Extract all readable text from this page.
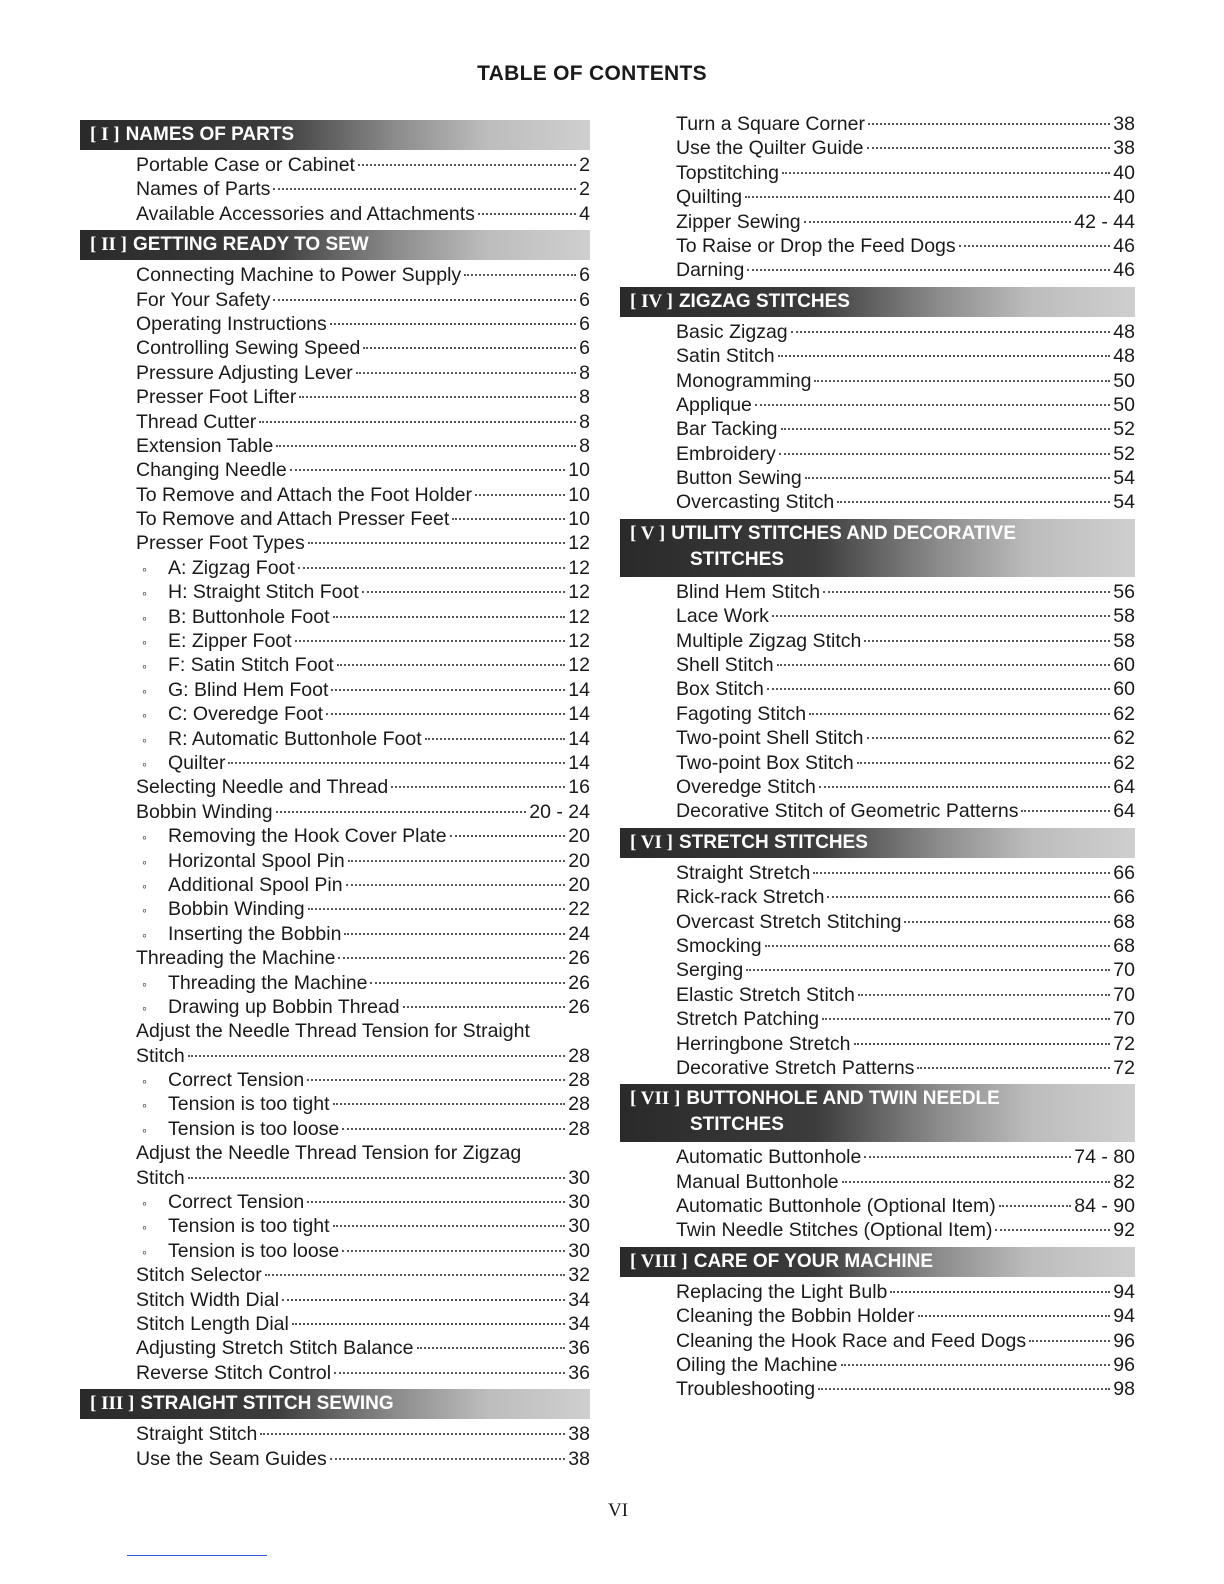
TABLE OF CONTENTS
[ I ] NAMES OF PARTS
Portable Case or Cabinet	2
Names of Parts	2
Available Accessories and Attachments	4
[ II ] GETTING READY TO SEW
Connecting Machine to Power Supply	6
For Your Safety	6
Operating Instructions	6
Controlling Sewing Speed	6
Pressure Adjusting Lever	8
Presser Foot Lifter	8
Thread Cutter	8
Extension Table	8
Changing Needle	10
To Remove and Attach the Foot Holder	10
To Remove and Attach Presser Feet	10
Presser Foot Types	12
◦	A: Zigzag Foot	12
◦	H: Straight Stitch Foot	12
◦	B: Buttonhole Foot	12
◦	E: Zipper Foot	12
◦	F: Satin Stitch Foot	12
◦	G: Blind Hem Foot	14
◦	C: Overedge Foot	14
◦	R: Automatic Buttonhole Foot	14
◦	Quilter	14
Selecting Needle and Thread	16
Bobbin Winding	20 - 24
◦	Removing the Hook Cover Plate	20
◦	Horizontal Spool Pin	20
◦	Additional Spool Pin	20
◦	Bobbin Winding	22
◦	Inserting the Bobbin	24
Threading the Machine	26
◦	Threading the Machine	26
◦	Drawing up Bobbin Thread	26
Adjust the Needle Thread Tension for Straight
Stitch	28
◦	Correct Tension	28
◦	Tension is too tight	28
◦	Tension is too loose	28
Adjust the Needle Thread Tension for Zigzag
Stitch	30
◦	Correct Tension	30
◦	Tension is too tight	30
◦	Tension is too loose	30
Stitch Selector	32
Stitch Width Dial	34
Stitch Length Dial	34
Adjusting Stretch Stitch Balance	36
Reverse Stitch Control	36
[ III ] STRAIGHT STITCH SEWING
Straight Stitch	38
Use the Seam Guides	38
Turn a Square Corner	38
Use the Quilter Guide	38
Topstitching	40
Quilting	40
Zipper Sewing	42 - 44
To Raise or Drop the Feed Dogs	46
Darning	46
[ IV ] ZIGZAG STITCHES
Basic Zigzag	48
Satin Stitch	48
Monogramming	50
Applique	50
Bar Tacking	52
Embroidery	52
Button Sewing	54
Overcasting Stitch	54
[ V ] UTILITY STITCHES AND DECORATIVE
STITCHES
Blind Hem Stitch	56
Lace Work	58
Multiple Zigzag Stitch	58
Shell Stitch	60
Box Stitch	60
Fagoting Stitch	62
Two-point Shell Stitch	62
Two-point Box Stitch	62
Overedge Stitch	64
Decorative Stitch of Geometric Patterns	64
[ VI ] STRETCH STITCHES
Straight Stretch	66
Rick-rack Stretch	66
Overcast Stretch Stitching	68
Smocking	68
Serging	70
Elastic Stretch Stitch	70
Stretch Patching	70
Herringbone Stretch	72
Decorative Stretch Patterns	72
[ VII ] BUTTONHOLE AND TWIN NEEDLE
STITCHES
Automatic Buttonhole	74 - 80
Manual Buttonhole	82
Automatic Buttonhole (Optional Item)	84 - 90
Twin Needle Stitches (Optional Item)	92
[ VIII ] CARE OF YOUR MACHINE
Replacing the Light Bulb	94
Cleaning the Bobbin Holder	94
Cleaning the Hook Race and Feed Dogs	96
Oiling the Machine	96
Troubleshooting	98
VI
